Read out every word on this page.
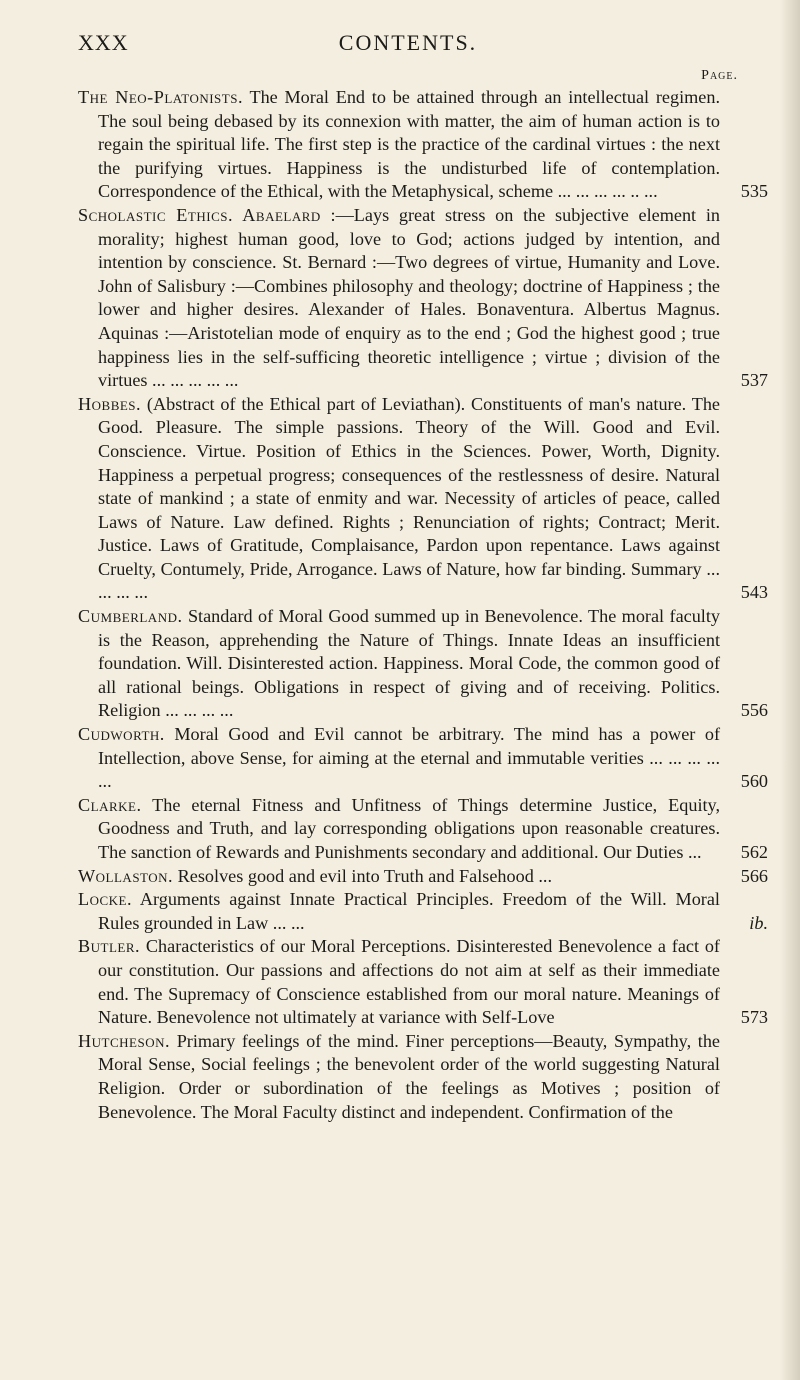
XXX	CONTENTS.
Page.

The Neo-Platonists. The Moral End to be attained through an intellectual regimen. The soul being debased by its connexion with matter, the aim of human action is to regain the spiritual life. The first step is the practice of the cardinal virtues : the next the purifying virtues. Happiness is the undisturbed life of contemplation. Correspondence of the Ethical, with the Metaphysical, scheme ... ... ... ... .. ...	535

Scholastic Ethics. Abaelard :—Lays great stress on the subjective element in morality; highest human good, love to God; actions judged by intention, and intention by conscience. St. Bernard :—Two degrees of virtue, Humanity and Love. John of Salisbury :—Combines philosophy and theology; doctrine of Happiness ; the lower and higher desires. Alexander of Hales. Bonaventura. Albertus Magnus. Aquinas :—Aristotelian mode of enquiry as to the end ; God the highest good ; true happiness lies in the self-sufficing theoretic intelligence ; virtue ; division of the virtues ... ... ... ... ...	537

Hobbes. (Abstract of the Ethical part of Leviathan). Constituents of man's nature. The Good. Pleasure. The simple passions. Theory of the Will. Good and Evil. Conscience. Virtue. Position of Ethics in the Sciences. Power, Worth, Dignity. Happiness a perpetual progress; consequences of the restlessness of desire. Natural state of mankind ; a state of enmity and war. Necessity of articles of peace, called Laws of Nature. Law defined. Rights ; Renunciation of rights; Contract; Merit. Justice. Laws of Gratitude, Complaisance, Pardon upon repentance. Laws against Cruelty, Contumely, Pride, Arrogance. Laws of Nature, how far binding. Summary ... ... ... ...	543

Cumberland. Standard of Moral Good summed up in Benevolence. The moral faculty is the Reason, apprehending the Nature of Things. Innate Ideas an insufficient foundation. Will. Disinterested action. Happiness. Moral Code, the common good of all rational beings. Obligations in respect of giving and of receiving. Politics. Religion ... ... ... ...	556

Cudworth. Moral Good and Evil cannot be arbitrary. The mind has a power of Intellection, above Sense, for aiming at the eternal and immutable verities ... ... ... ... ...	560

Clarke. The eternal Fitness and Unfitness of Things determine Justice, Equity, Goodness and Truth, and lay corresponding obligations upon reasonable creatures. The sanction of Rewards and Punishments secondary and additional. Our Duties ... 562

Wollaston. Resolves good and evil into Truth and Falsehood ...	566

Locke. Arguments against Innate Practical Principles. Freedom of the Will. Moral Rules grounded in Law ... ...	ib.

Butler. Characteristics of our Moral Perceptions. Disinterested Benevolence a fact of our constitution. Our passions and affections do not aim at self as their immediate end. The Supremacy of Conscience established from our moral nature. Meanings of Nature. Benevolence not ultimately at variance with Self-Love	573

Hutcheson. Primary feelings of the mind. Finer perceptions—Beauty, Sympathy, the Moral Sense, Social feelings ; the benevolent order of the world suggesting Natural Religion. Order or subordination of the feelings as Motives ; position of Benevolence. The Moral Faculty distinct and independent. Confirmation of the
